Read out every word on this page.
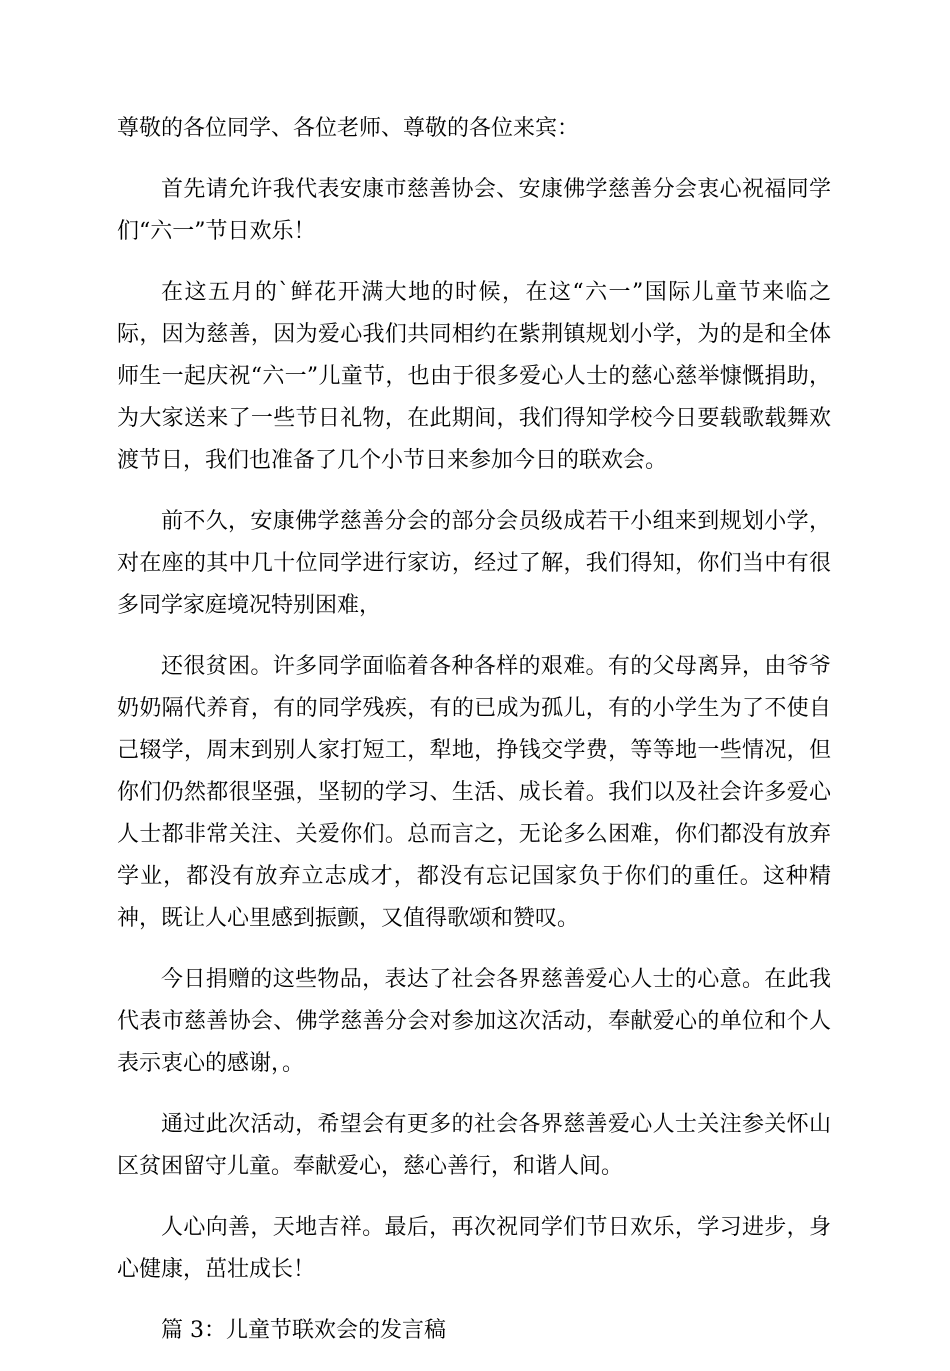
尊敬的各位同学、各位老师、尊敬的各位来宾：

首先请允许我代表安康市慈善协会、安康佛学慈善分会衷心祝福同学们“六一”节日欢乐！

在这五月的`鲜花开满大地的时候，在这“六一”国际儿童节来临之际，因为慈善，因为爱心我们共同相约在紫荆镇规划小学，为的是和全体师生一起庆祝“六一”儿童节，也由于很多爱心人士的慈心慈举慷慨捐助，为大家送来了一些节日礼物，在此期间，我们得知学校今日要载歌载舞欢渡节日，我们也准备了几个小节日来参加今日的联欢会。

前不久，安康佛学慈善分会的部分会员级成若干小组来到规划小学，对在座的其中几十位同学进行家访，经过了解，我们得知，你们当中有很多同学家庭境况特别困难，

还很贫困。许多同学面临着各种各样的艰难。有的父母离异，由爷爷奶奶隔代养育，有的同学残疾，有的已成为孤儿，有的小学生为了不使自己辍学，周末到别人家打短工，犁地，挣钱交学费，等等地一些情况，但你们仍然都很坚强，坚韧的学习、生活、成长着。我们以及社会许多爱心人士都非常关注、关爱你们。总而言之，无论多么困难，你们都没有放弃学业，都没有放弃立志成才，都没有忘记国家负于你们的重任。这种精神，既让人心里感到振颤，又值得歌颂和赞叹。

今日捐赠的这些物品，表达了社会各界慈善爱心人士的心意。在此我代表市慈善协会、佛学慈善分会对参加这次活动，奉献爱心的单位和个人表示衷心的感谢，。

通过此次活动，希望会有更多的社会各界慈善爱心人士关注参关怀山区贫困留守儿童。奉献爱心，慈心善行，和谐人间。

人心向善，天地吉祥。最后，再次祝同学们节日欢乐，学习进步，身心健康，茁壮成长！

篇 3：儿童节联欢会的发言稿
